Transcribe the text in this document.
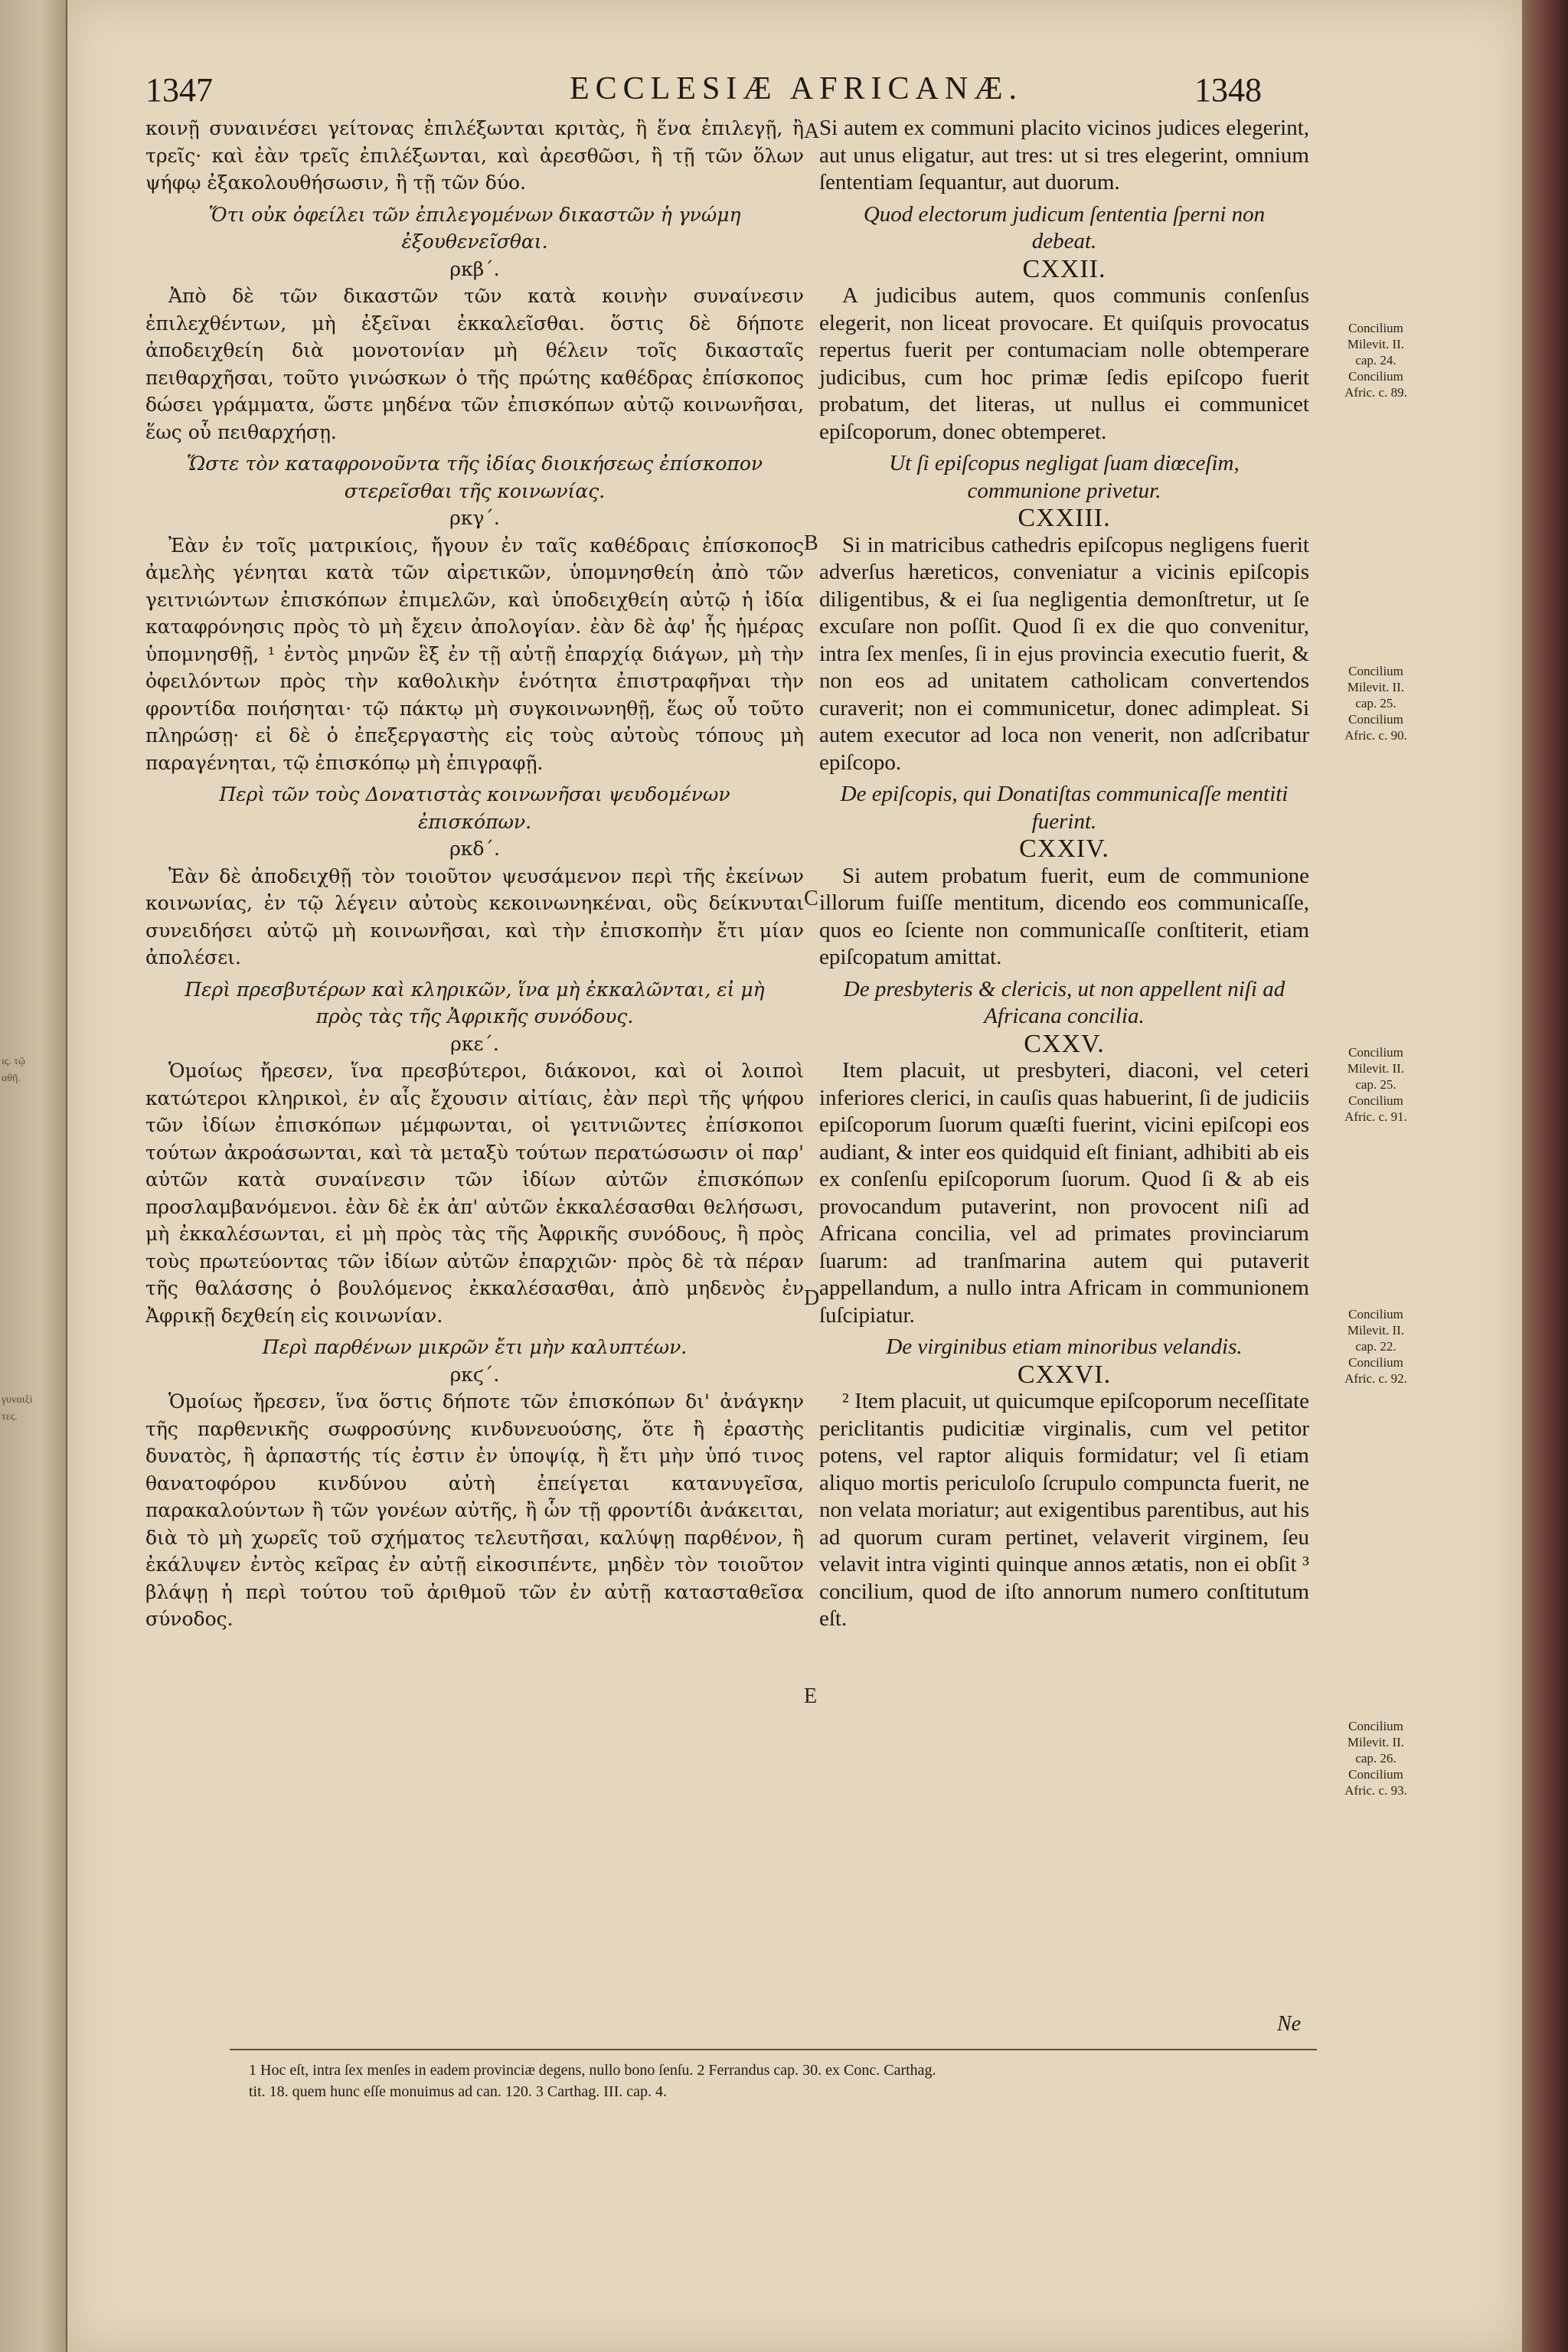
ις. τῷ
αθῆ.
γυναιξὶ
τες.
1347	ECCLESIÆ AFRICANÆ.	1348
A
B
C
D
E

κοινῇ συναινέσει γείτονας ἐπιλέξωνται κριτὰς, ἢ ἕνα ἐπιλεγῇ, ἢ τρεῖς· καὶ ἐὰν τρεῖς ἐπιλέξωνται, καὶ ἀρεσθῶσι, ἢ τῇ τῶν ὅλων ψήφῳ ἐξακολουθήσωσιν, ἢ τῇ τῶν δύο.

Ὅτι οὐκ ὀφείλει τῶν ἐπιλεγομένων δικαστῶν ἡ γνώμη ἐξουθενεῖσθαι.

ρκβ΄.

Ἀπὸ δὲ τῶν δικαστῶν τῶν κατὰ κοινὴν συναίνεσιν ἐπιλεχθέντων, μὴ ἐξεῖναι ἐκκαλεῖσθαι. ὅστις δὲ δήποτε ἀποδειχθείη διὰ μονοτονίαν μὴ θέλειν τοῖς δικασταῖς πειθαρχῆσαι, τοῦτο γινώσκων ὁ τῆς πρώτης καθέδρας ἐπίσκοπος δώσει γράμματα, ὥστε μηδένα τῶν ἐπισκόπων αὐτῷ κοινωνῆσαι, ἕως οὗ πειθαρχήσῃ.

Ὥστε τὸν καταφρονοῦντα τῆς ἰδίας διοικήσεως ἐπίσκοπον στερεῖσθαι τῆς κοινωνίας.

ρκγ΄.

Ἐὰν ἐν τοῖς ματρικίοις, ἤγουν ἐν ταῖς καθέδραις ἐπίσκοπος ἀμελὴς γένηται κατὰ τῶν αἱρετικῶν, ὑπομνησθείη ἀπὸ τῶν γειτνιώντων ἐπισκόπων ἐπιμελῶν, καὶ ὑποδειχθείη αὐτῷ ἡ ἰδία καταφρόνησις πρὸς τὸ μὴ ἔχειν ἀπολογίαν. ἐὰν δὲ ἀφ' ἧς ἡμέρας ὑπομνησθῇ, ¹ ἐντὸς μηνῶν ἓξ ἐν τῇ αὐτῇ ἐπαρχίᾳ διάγων, μὴ τὴν ὀφειλόντων πρὸς τὴν καθολικὴν ἑνότητα ἐπιστραφῆναι τὴν φροντίδα ποιήσηται· τῷ πάκτῳ μὴ συγκοινωνηθῇ, ἕως οὗ τοῦτο πληρώσῃ· εἰ δὲ ὁ ἐπεξεργαστὴς εἰς τοὺς αὐτοὺς τόπους μὴ παραγένηται, τῷ ἐπισκόπῳ μὴ ἐπιγραφῇ.

Περὶ τῶν τοὺς Δονατιστὰς κοινωνῆσαι ψευδομένων ἐπισκόπων.

ρκδ΄.

Ἐὰν δὲ ἀποδειχθῇ τὸν τοιοῦτον ψευσάμενον περὶ τῆς ἐκείνων κοινωνίας, ἐν τῷ λέγειν αὐτοὺς κεκοινωνηκέναι, οὓς δείκνυται συνειδήσει αὐτῷ μὴ κοινωνῆσαι, καὶ τὴν ἐπισκοπὴν ἔτι μίαν ἀπολέσει.

Περὶ πρεσβυτέρων καὶ κληρικῶν, ἵνα μὴ ἐκκαλῶνται, εἰ μὴ πρὸς τὰς τῆς Ἀφρικῆς συνόδους.

ρκε΄.

Ὁμοίως ἤρεσεν, ἵνα πρεσβύτεροι, διάκονοι, καὶ οἱ λοιποὶ κατώτεροι κληρικοὶ, ἐν αἷς ἔχουσιν αἰτίαις, ἐὰν περὶ τῆς ψήφου τῶν ἰδίων ἐπισκόπων μέμφωνται, οἱ γειτνιῶντες ἐπίσκοποι τούτων ἀκροάσωνται, καὶ τὰ μεταξὺ τούτων περατώσωσιν οἱ παρ' αὐτῶν κατὰ συναίνεσιν τῶν ἰδίων αὐτῶν ἐπισκόπων προσλαμβανόμενοι. ἐὰν δὲ ἐκ ἀπ' αὐτῶν ἐκκαλέσασθαι θελήσωσι, μὴ ἐκκαλέσωνται, εἰ μὴ πρὸς τὰς τῆς Ἀφρικῆς συνόδους, ἢ πρὸς τοὺς πρωτεύοντας τῶν ἰδίων αὐτῶν ἐπαρχιῶν· πρὸς δὲ τὰ πέραν τῆς θαλάσσης ὁ βουλόμενος ἐκκαλέσασθαι, ἀπὸ μηδενὸς ἐν Ἀφρικῇ δεχθείη εἰς κοινωνίαν.

Περὶ παρθένων μικρῶν ἔτι μὴν καλυπτέων.

ρκϛ΄.

Ὁμοίως ἤρεσεν, ἵνα ὅστις δήποτε τῶν ἐπισκόπων δι' ἀνάγκην τῆς παρθενικῆς σωφροσύνης κινδυνευούσης, ὅτε ἢ ἐραστὴς δυνατὸς, ἢ ἁρπαστής τίς ἐστιν ἐν ὑποψίᾳ, ἢ ἔτι μὴν ὑπό τινος θανατοφόρου κινδύνου αὐτὴ ἐπείγεται κατανυγεῖσα, παρακαλούντων ἢ τῶν γονέων αὐτῆς, ἢ ὧν τῇ φροντίδι ἀνάκειται, διὰ τὸ μὴ χωρεῖς τοῦ σχήματος τελευτῆσαι, καλύψῃ παρθένον, ἢ ἐκάλυψεν ἐντὸς κεῖρας ἐν αὐτῇ εἰκοσιπέντε, μηδὲν τὸν τοιοῦτον βλάψῃ ἡ περὶ τούτου τοῦ ἀριθμοῦ τῶν ἐν αὐτῇ κατασταθεῖσα σύνοδος.

Si autem ex communi placito vicinos judices elegerint, aut unus eligatur, aut tres: ut si tres elegerint, omnium ſententiam ſequantur, aut duorum.

Quod electorum judicum ſententia ſperni non debeat.

CXXII.

A judicibus autem, quos communis conſenſus elegerit, non liceat provocare. Et quiſquis provocatus repertus fuerit per contumaciam nolle obtemperare judicibus, cum hoc primæ ſedis epiſcopo fuerit probatum, det literas, ut nullus ei communicet epiſcoporum, donec obtemperet.

Ut ſi epiſcopus negligat ſuam diœceſim, communione privetur.

CXXIII.

Si in matricibus cathedris epiſcopus negligens fuerit adverſus hæreticos, conveniatur a vicinis epiſcopis diligentibus, & ei ſua negligentia demonſtretur, ut ſe excuſare non poſſit. Quod ſi ex die quo convenitur, intra ſex menſes, ſi in ejus provincia executio fuerit, & non eos ad unitatem catholicam convertendos curaverit; non ei communicetur, donec adimpleat. Si autem executor ad loca non venerit, non adſcribatur epiſcopo.

De epiſcopis, qui Donatiſtas communicaſſe mentiti fuerint.

CXXIV.

Si autem probatum fuerit, eum de communione illorum fuiſſe mentitum, dicendo eos communicaſſe, quos eo ſciente non communicaſſe conſtiterit, etiam epiſcopatum amittat.

De presbyteris & clericis, ut non appellent niſi ad Africana concilia.

CXXV.

Item placuit, ut presbyteri, diaconi, vel ceteri inferiores clerici, in cauſis quas habuerint, ſi de judiciis epiſcoporum ſuorum quæſti fuerint, vicini epiſcopi eos audiant, & inter eos quidquid eſt finiant, adhibiti ab eis ex conſenſu epiſcoporum ſuorum. Quod ſi & ab eis provocandum putaverint, non provocent niſi ad Africana concilia, vel ad primates provinciarum ſuarum: ad tranſmarina autem qui putaverit appellandum, a nullo intra Africam in communionem ſuſcipiatur.

De virginibus etiam minoribus velandis.

CXXVI.

² Item placuit, ut quicumque epiſcoporum neceſſitate periclitantis pudicitiæ virginalis, cum vel petitor potens, vel raptor aliquis formidatur; vel ſi etiam aliquo mortis periculoſo ſcrupulo compuncta fuerit, ne non velata moriatur; aut exigentibus parentibus, aut his ad quorum curam pertinet, velaverit virginem, ſeu velavit intra viginti quinque annos ætatis, non ei obſit ³ concilium, quod de iſto annorum numero conſtitutum eſt.

Concilium
Milevit. II.
cap. 24.
Concilium
Afric. c. 89.
Concilium
Milevit. II.
cap. 25.
Concilium
Afric. c. 90.
Concilium
Milevit. II.
cap. 25.
Concilium
Afric. c. 91.
Concilium
Milevit. II.
cap. 22.
Concilium
Afric. c. 92.
Concilium
Milevit. II.
cap. 26.
Concilium
Afric. c. 93.
Ne
1 Hoc eſt, intra ſex menſes in eadem provinciæ degens, nullo bono ſenſu. 2 Ferrandus cap. 30. ex Conc. Carthag.
tit. 18. quem hunc eſſe monuimus ad can. 120. 3 Carthag. III. cap. 4.
